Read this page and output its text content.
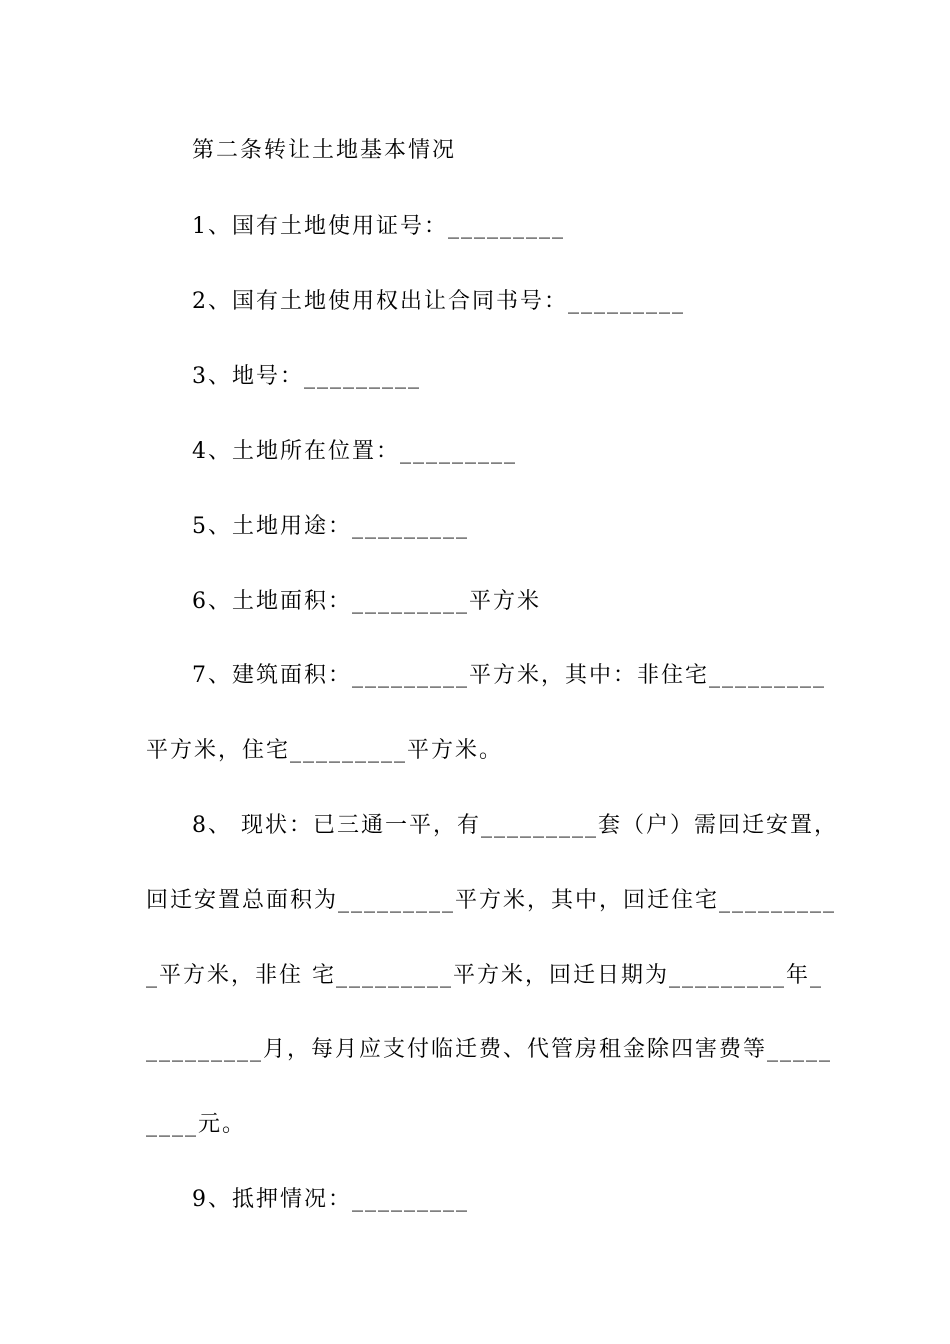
第二条转让土地基本情况
1、国有土地使用证号：_________
2、国有土地使用权出让合同书号：_________
3、地号：_________
4、土地所在位置：_________
5、土地用途：_________
6、土地面积：_________平方米
7、建筑面积：_________平方米，其中：非住宅_________
平方米，住宅_________平方米。
8、 现状：已三通一平，有_________套（户）需回迁安置，
回迁安置总面积为_________平方米，其中，回迁住宅_________
_平方米，非住 宅_________平方米，回迁日期为_________年_
_________月，每月应支付临迁费、代管房租金除四害费等_____
____元。
9、抵押情况：_________
